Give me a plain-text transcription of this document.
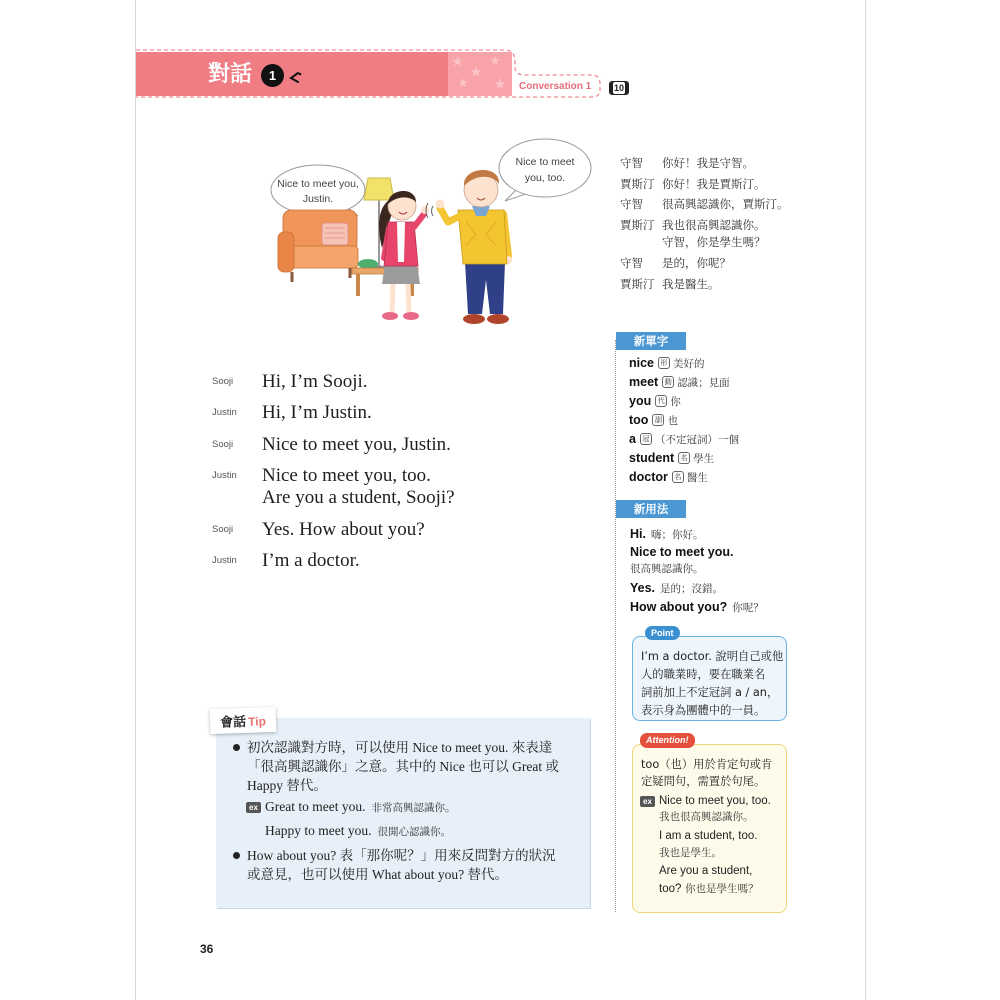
對話	1
Conversation 1	10
Nice to meet you,
Justin.
Nice to meet
you, too.
守智 你好！我是守智。
賈斯汀 你好！我是賈斯汀。
守智 很高興認識你，賈斯汀。
賈斯汀 我也很高興認識你。
守智，你是學生嗎？
守智 是的，你呢？
賈斯汀 我是醫生。
Sooji Hi, I’m Sooji.
Justin Hi, I’m Justin.
Sooji Nice to meet you, Justin.
Justin Nice to meet you, too.
Are you a student, Sooji?
Sooji Yes. How about you?
Justin I’m a doctor.
新單字
nice 形 美好的
meet 動 認識；見面
you 代 你
too 副 也
a 冠 （不定冠詞）一個
student 名 學生
doctor 名 醫生
新用法
Hi. 嗨；你好。
Nice to meet you.
很高興認識你。
Yes. 是的；沒錯。
How about you? 你呢？
Point
I’m a doctor. 說明自己或他
人的職業時，要在職業名
詞前加上不定冠詞 a / an，
表示身為團體中的一員。
Attention!
too（也）用於肯定句或肯
定疑問句，需置於句尾。
ex Nice to meet you, too.
我也很高興認識你。
I am a student, too.
我也是學生。
Are you a student,
too? 你也是學生嗎？
會話Tip
初次認識對方時，可以使用 Nice to meet you. 來表達
「很高興認識你」之意。其中的 Nice 也可以 Great 或
Happy 替代。
ex Great to meet you. 非常高興認識你。
Happy to meet you. 很開心認識你。
How about you? 表「那你呢？」用來反問對方的狀況
或意見，也可以使用 What about you? 替代。
36
